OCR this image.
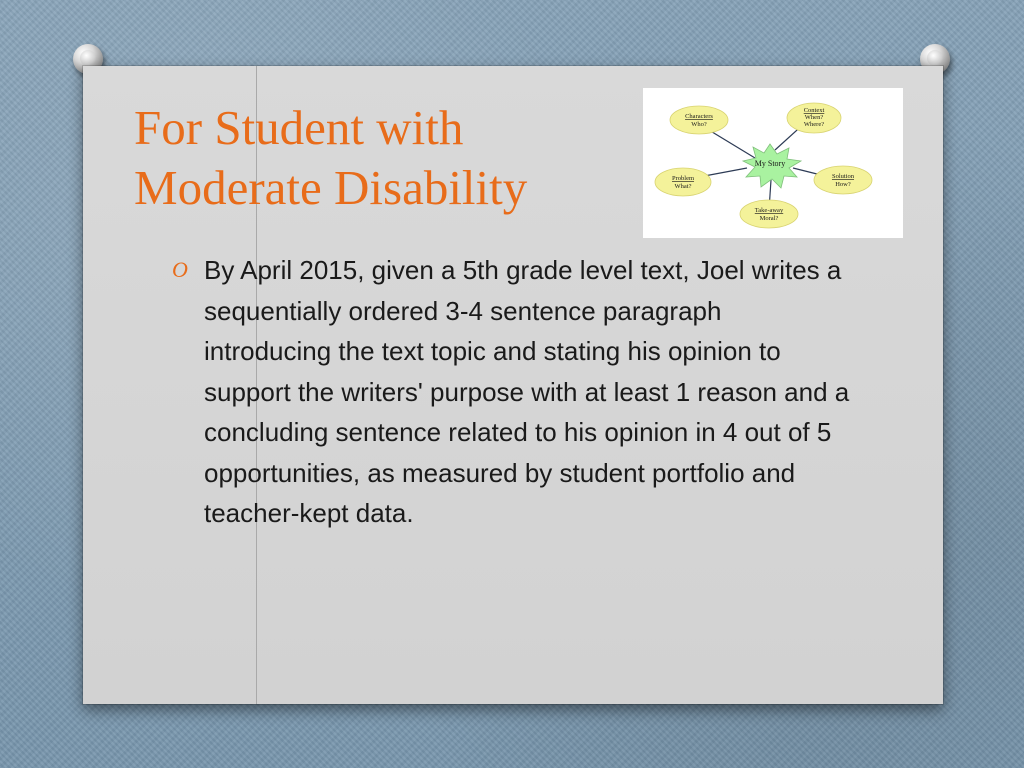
For Student with
Moderate Disability	My Story
Characters
Who?
Context
When?
Where?
Problem
What?
Solution
How?
Take-away
Moral?
O By April 2015, given a 5th grade level text, Joel writes a sequentially ordered 3-4 sentence paragraph introducing the text topic and stating his opinion to support the writers' purpose with at least 1 reason and a concluding sentence related to his opinion in 4 out of 5 opportunities, as measured by student portfolio and teacher-kept data.
